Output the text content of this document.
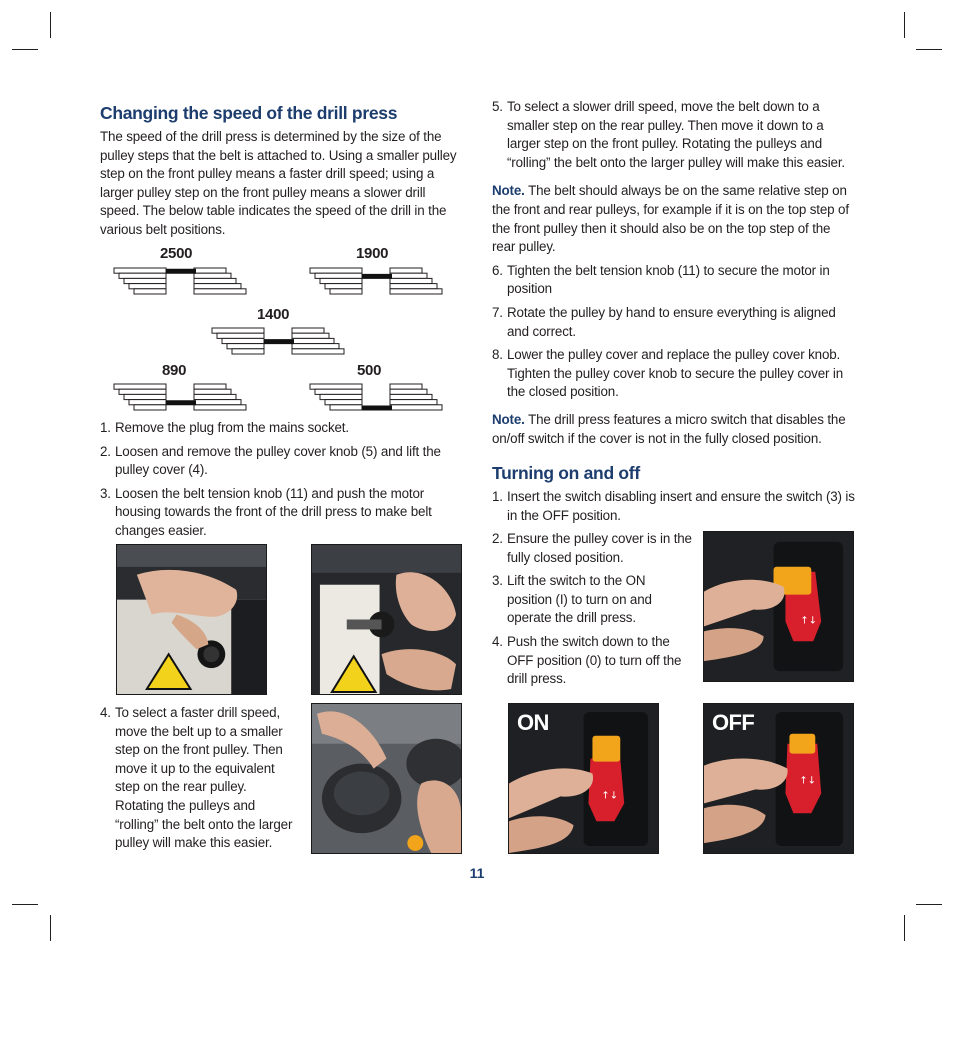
Changing the speed of the drill press

The speed of the drill press is determined by the size of the pulley steps that the belt is attached to. Using a smaller pulley step on the front pulley means a faster drill speed; using a larger pulley step on the front pulley means a slower drill speed. The below table indicates the speed of the drill in the various belt positions.

2500	1900
1400
890	500
1. Remove the plug from the mains socket.
2. Loosen and remove the pulley cover knob (5) and lift the pulley cover (4).
3. Loosen the belt tension knob (11) and push the motor housing towards the front of the drill press to make belt changes easier.
4. To select a faster drill speed, move the belt up to a smaller step on the front pulley. Then move it up to the equivalent step on the rear pulley. Rotating the pulleys and “rolling” the belt onto the larger pulley will make this easier.
5. To select a slower drill speed, move the belt down to a smaller step on the rear pulley. Then move it down to a larger step on the front pulley. Rotating the pulleys and “rolling” the belt onto the larger pulley will make this easier.

Note. The belt should always be on the same relative step on the front and rear pulleys, for example if it is on the top step of the front pulley then it should also be on the top step of the rear pulley.

6. Tighten the belt tension knob (11) to secure the motor in position
7. Rotate the pulley by hand to ensure everything is aligned and correct.
8. Lower the pulley cover and replace the pulley cover knob. Tighten the pulley cover knob to secure the pulley cover in the closed position.

Note. The drill press features a micro switch that disables the on/off switch if the cover is not in the fully closed position.

Turning on and off
1. Insert the switch disabling insert and ensure the switch (3) is in the OFF position.
2. Ensure the pulley cover is in the fully closed position.
3. Lift the switch to the ON position (I) to turn on and operate the drill press.
4. Push the switch down to the OFF position (0) to turn off the drill press.
↑↓
↑↓
ON
↑↓
OFF
11
